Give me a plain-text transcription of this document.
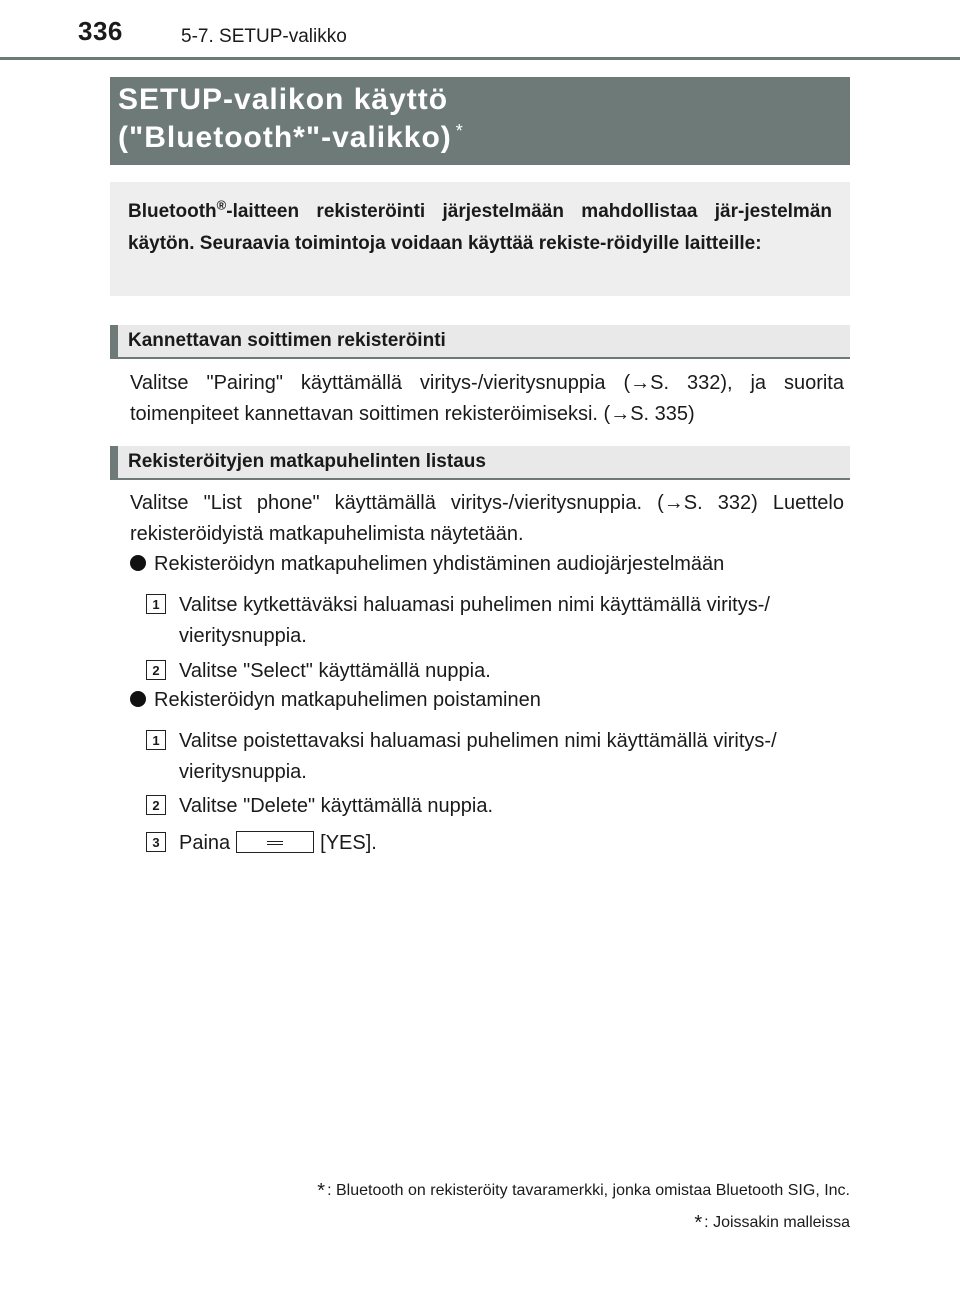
336	5-7. SETUP-valikko
SETUP-valikon käyttö
("Bluetooth*"-valikko) *
Bluetooth®-laitteen rekisteröinti järjestelmään mahdollistaa jär-jestelmän käytön. Seuraavia toimintoja voidaan käyttää rekiste-röidyille laitteille:
Kannettavan soittimen rekisteröinti
Valitse "Pairing" käyttämällä viritys-/vieritysnuppia (→S. 332), ja suorita toimenpiteet kannettavan soittimen rekisteröimiseksi. (→S. 335)
Rekisteröityjen matkapuhelinten listaus
Valitse "List phone" käyttämällä viritys-/vieritysnuppia. (→S. 332) Luettelo rekisteröidyistä matkapuhelimista näytetään.
Rekisteröidyn matkapuhelimen yhdistäminen audiojärjestelmään
1 Valitse kytkettäväksi haluamasi puhelimen nimi käyttämällä viritys-/ vieritysnuppia.
2 Valitse "Select" käyttämällä nuppia.
Rekisteröidyn matkapuhelimen poistaminen
1 Valitse poistettavaksi haluamasi puhelimen nimi käyttämällä viritys-/ vieritysnuppia.
2 Valitse "Delete" käyttämällä nuppia.
3 Paina	[YES].
* : Bluetooth on rekisteröity tavaramerkki, jonka omistaa Bluetooth SIG, Inc.
* : Joissakin malleissa
